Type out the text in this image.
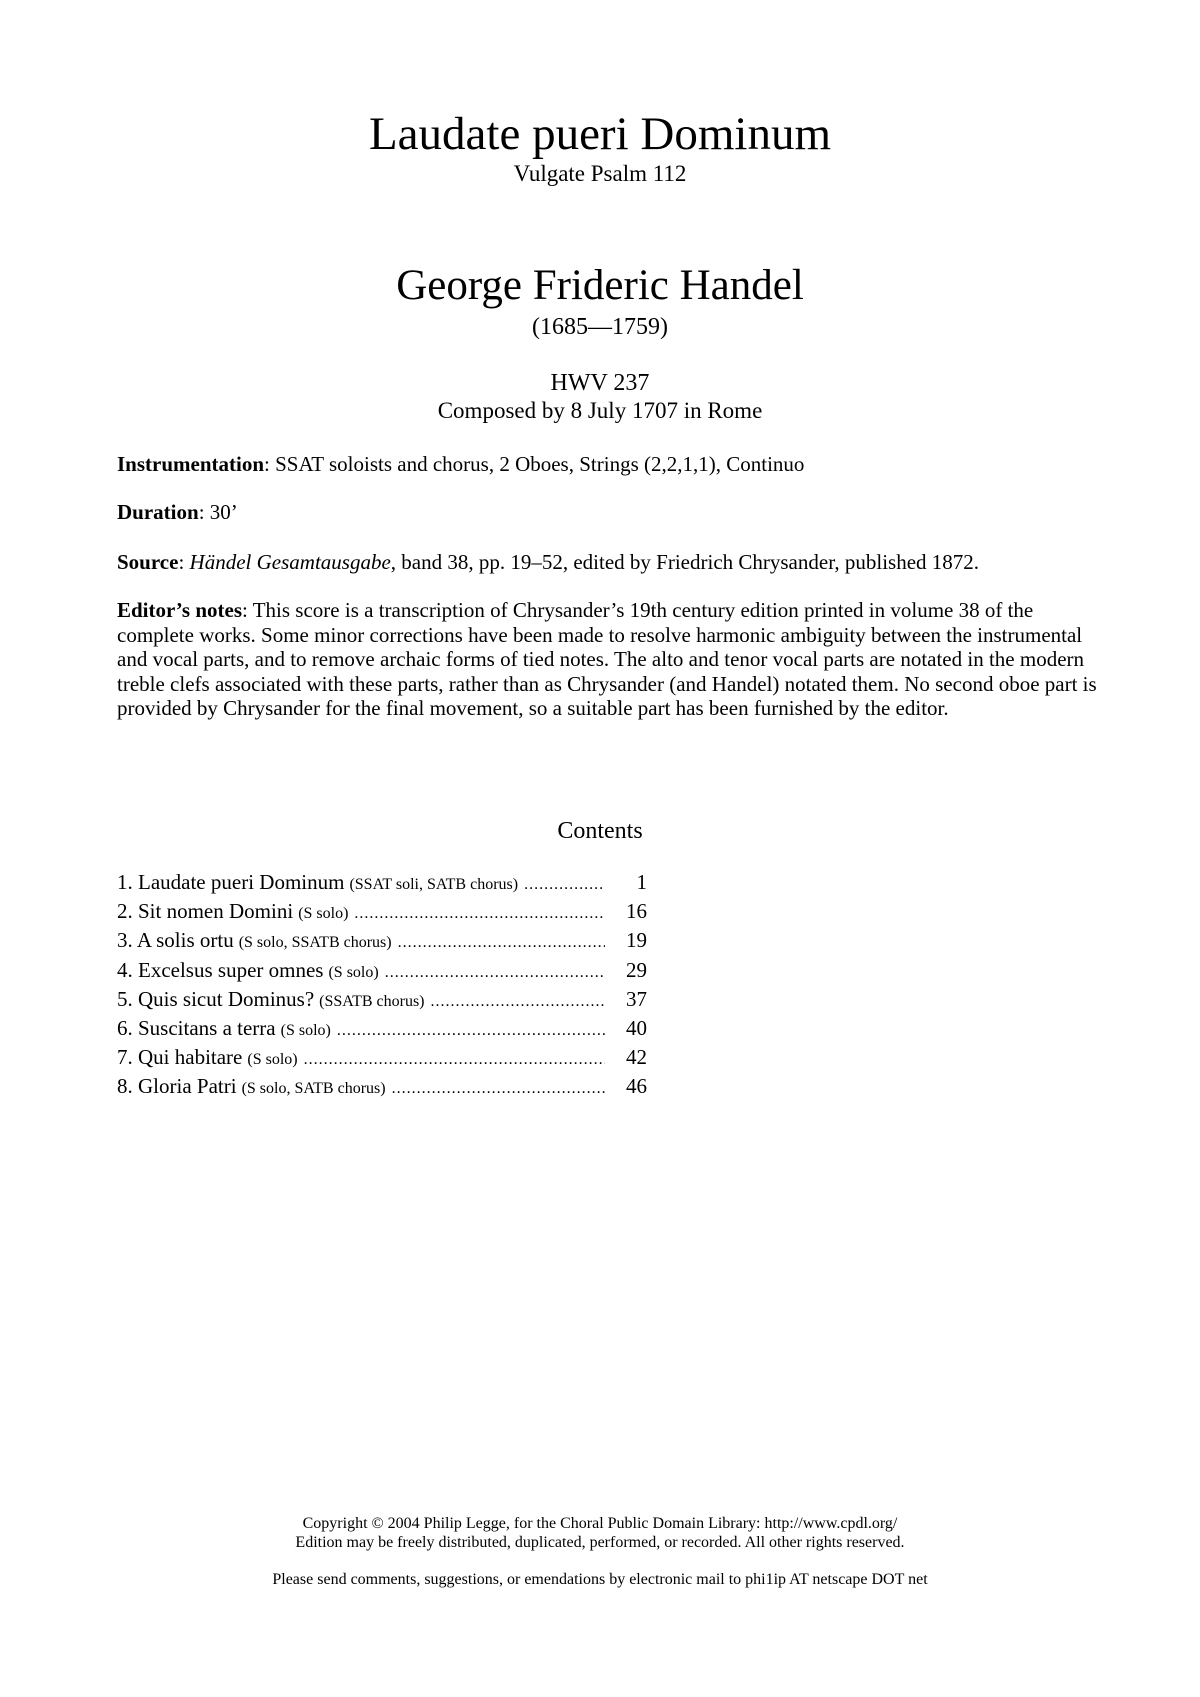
Laudate pueri Dominum
Vulgate Psalm 112
George Frideric Handel
(1685—1759)
HWV 237
Composed by 8 July 1707 in Rome
Instrumentation: SSAT soloists and chorus, 2 Oboes, Strings (2,2,1,1), Continuo
Duration: 30’
Source: Händel Gesamtausgabe, band 38, pp. 19–52, edited by Friedrich Chrysander, published 1872.
Editor’s notes: This score is a transcription of Chrysander’s 19th century edition printed in volume 38 of the complete works. Some minor corrections have been made to resolve harmonic ambiguity between the instrumental and vocal parts, and to remove archaic forms of tied notes. The alto and tenor vocal parts are notated in the modern treble clefs associated with these parts, rather than as Chrysander (and Handel) notated them. No second oboe part is provided by Chrysander for the final movement, so a suitable part has been furnished by the editor.
Contents
1. Laudate pueri Dominum (SSAT soli, SATB chorus) .....	1
2. Sit nomen Domini (S solo) .....	16
3. A solis ortu (S solo, SSATB chorus) .....	19
4. Excelsus super omnes (S solo) .....	29
5. Quis sicut Dominus? (SSATB chorus) .....	37
6. Suscitans a terra (S solo) .....	40
7. Qui habitare (S solo) .....	42
8. Gloria Patri (S solo, SATB chorus) .....	46
Copyright © 2004 Philip Legge, for the Choral Public Domain Library: http://www.cpdl.org/
Edition may be freely distributed, duplicated, performed, or recorded. All other rights reserved.
Please send comments, suggestions, or emendations by electronic mail to phi1ip AT netscape DOT net
